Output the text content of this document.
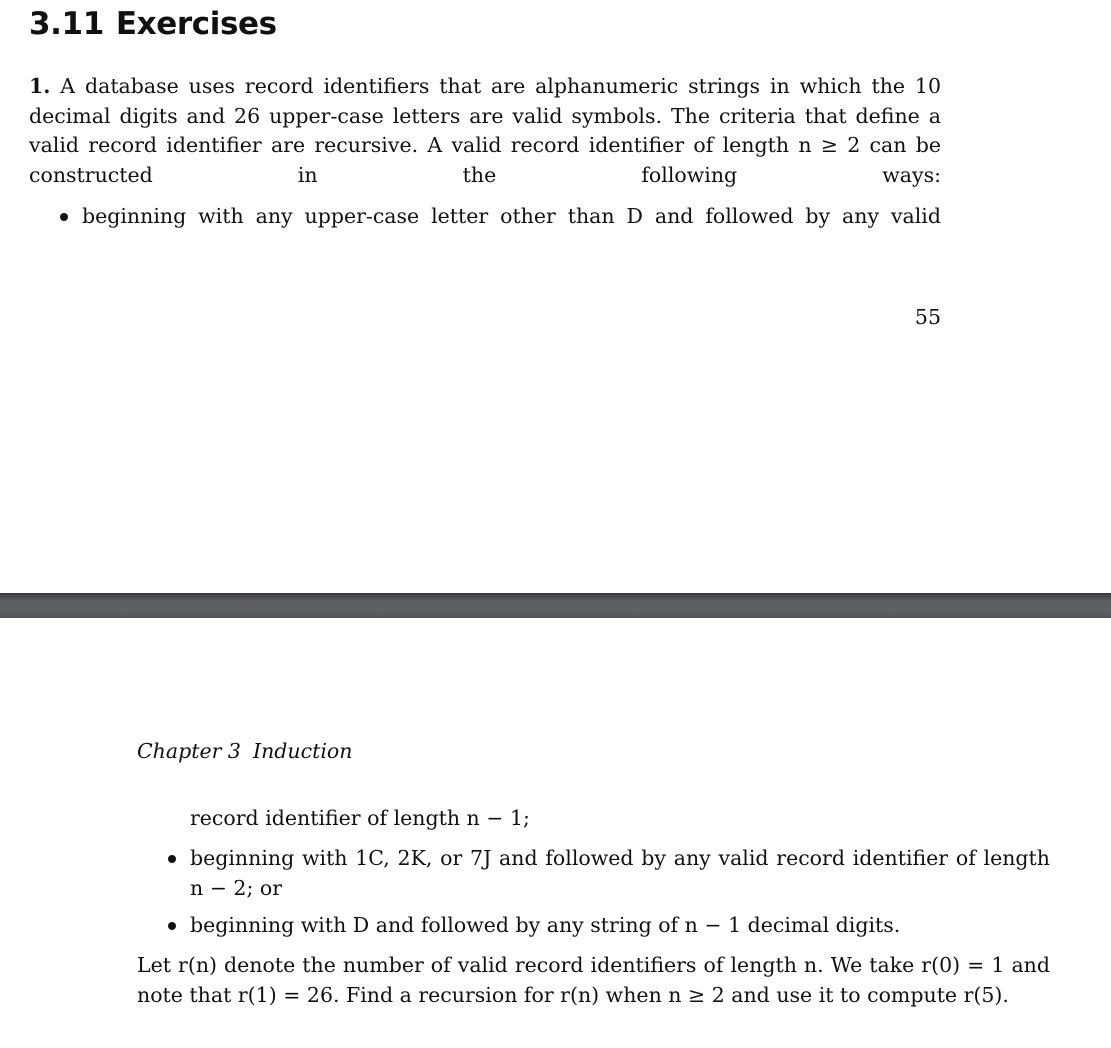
3.11 Exercises

1. A database uses record identifiers that are alphanumeric strings in which the 10 decimal digits and 26 upper-case letters are valid symbols. The criteria that define a valid record identifier are recursive. A valid record identifier of length n ≥ 2 can be constructed in the following ways:

beginning with any upper-case letter other than D and followed by any valid

55

Chapter 3 Induction

record identifier of length n − 1;

beginning with 1C, 2K, or 7J and followed by any valid record identifier of length n − 2; or

beginning with D and followed by any string of n − 1 decimal digits.

Let r(n) denote the number of valid record identifiers of length n. We take r(0) = 1 and note that r(1) = 26. Find a recursion for r(n) when n ≥ 2 and use it to compute r(5).
